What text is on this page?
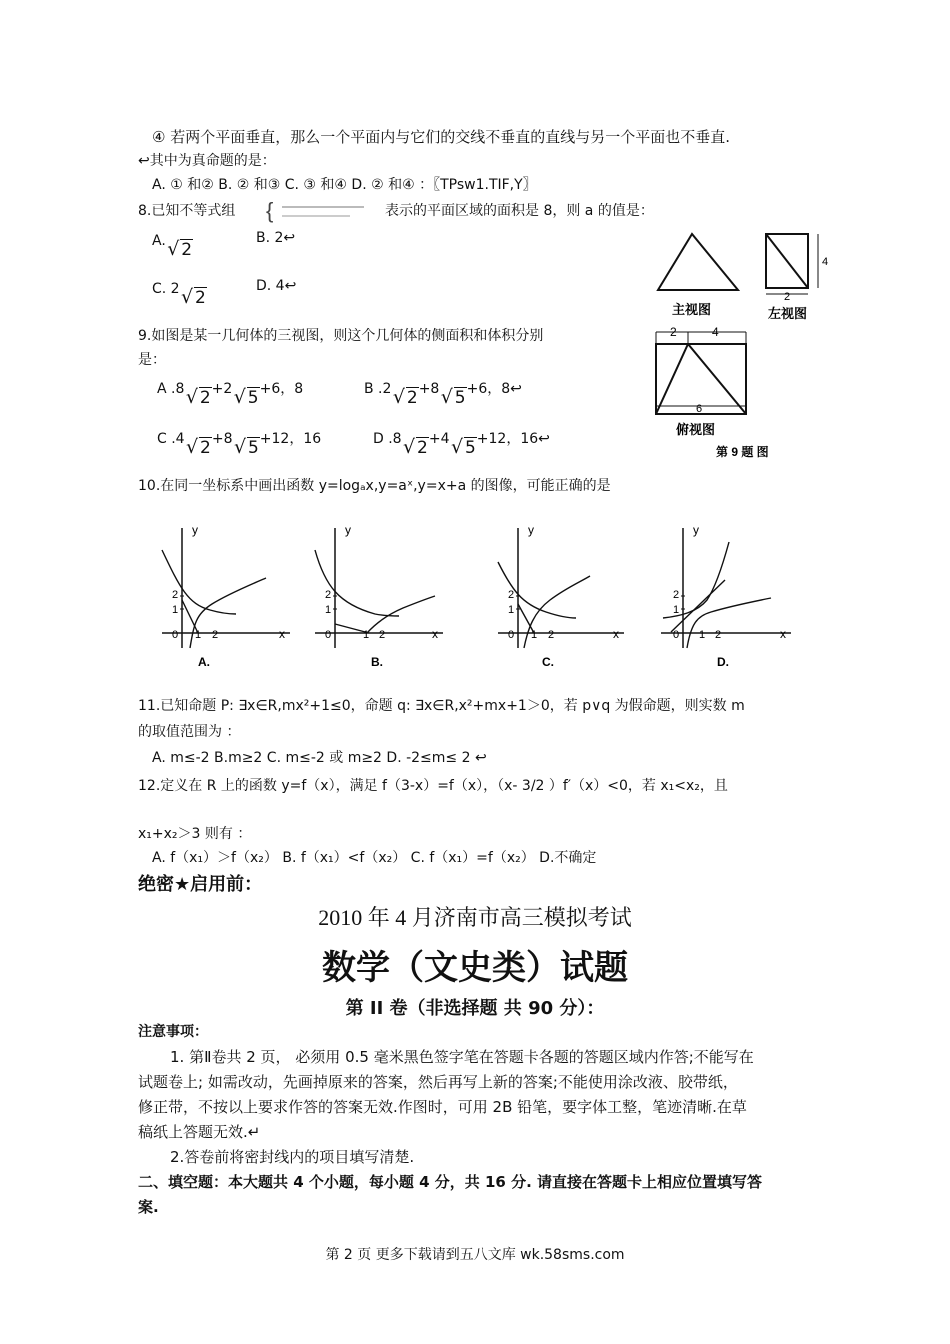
④ 若两个平面垂直，那么一个平面内与它们的交线不垂直的直线与另一个平面也不垂直.
↩其中为真命题的是：
A. ① 和② B. ② 和③ C. ③ 和④ D. ② 和④ ：〖TPsw1.TIF,Y〗
8.已知不等式组 {	表示的平面区域的面积是 8，则 a 的值是：
A. √ 2
B. 2↩
C. 2 √ 2
D. 4↩
主视图
4
2
左视图
2	4
6
俯视图
第 9 题 图
9.如图是某一几何体的三视图，则这个几何体的侧面积和体积分别
是：
A .8 √ 2+2 √ 5+6，8	B .2 √ 2+8 √ 5+6，8↩
C .4 √ 2+8 √ 5+12，16	D .8 √ 2+4 √ 5+12，16↩
10.在同一坐标系中画出函数 y=logₐx,y=aˣ,y=x+a 的图像，可能正确的是
y
x
0 1 2
1
2
A.
y
x
0	1 2
1
2
B.
y
x
0 1 2
1
2
C.
y
x
0 1 2
1
2
D.
11.已知命题 P: ∃x∈R,mx²+1≤0，命题 q: ∃x∈R,x²+mx+1＞0，若 p∨q 为假命题，则实数 m
的取值范围为 ：
A. m≤-2 B.m≥2 C. m≤-2 或 m≥2 D. -2≤m≤ 2 ↩
12.定义在 R 上的函数 y=f（x），满足 f（3-x）=f（x），（x- 3/2 ）f′（x）<0，若 x₁<x₂，且
x₁+x₂＞3 则有 ：
A. f（x₁）＞f（x₂） B. f（x₁）<f（x₂） C. f（x₁）=f（x₂） D.不确定
绝密★启用前：
2010 年 4 月济南市高三模拟考试
数学（文史类）试题
第 II 卷（非选择题 共 90 分）：
注意事项：
1. 第Ⅱ卷共 2 页， 必须用 0.5 毫米黑色签字笔在答题卡各题的答题区域内作答;不能写在
试题卷上; 如需改动，先画掉原来的答案，然后再写上新的答案;不能使用涂改液、胶带纸，
修正带，不按以上要求作答的答案无效.作图时，可用 2B 铅笔，要字体工整，笔迹清晰.在草
稿纸上答题无效.↵
2.答卷前将密封线内的项目填写清楚.
二、填空题：本大题共 4 个小题，每小题 4 分，共 16 分. 请直接在答题卡上相应位置填写答
案.
第 2 页 更多下载请到五八文库 wk.58sms.com
